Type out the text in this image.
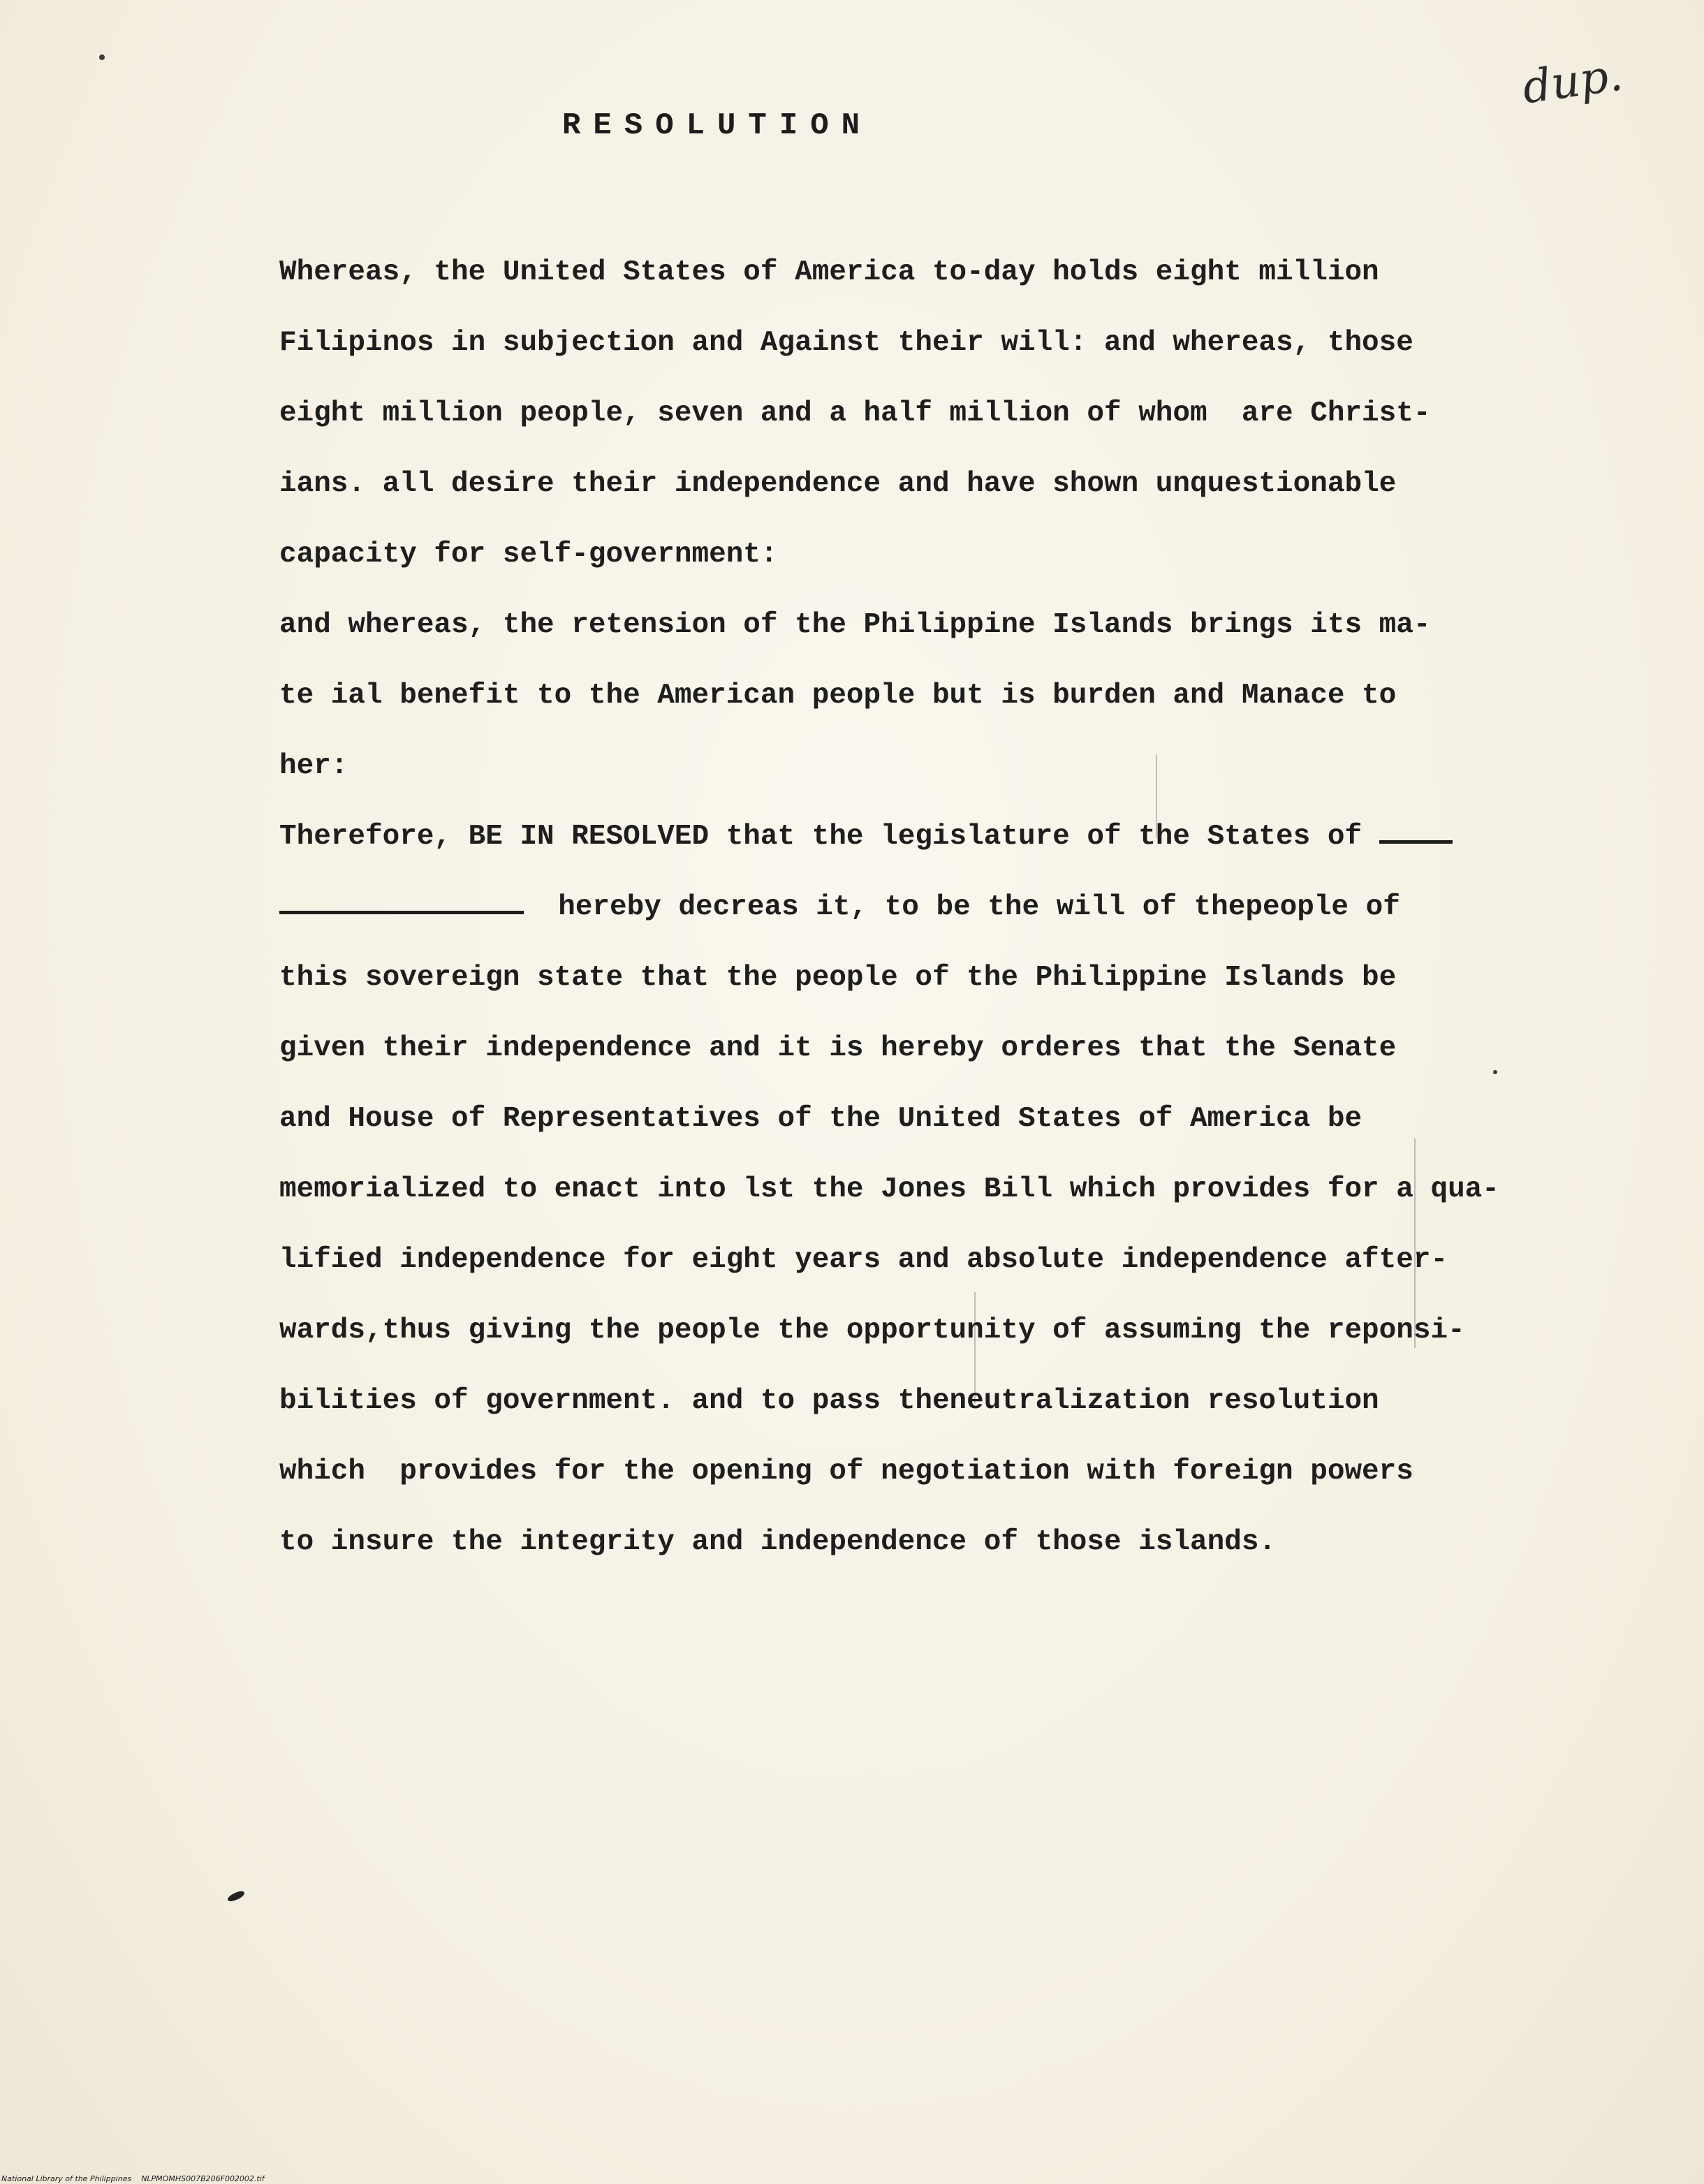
dup.
RESOLUTION
Whereas, the United States of America to-day holds eight million
Filipinos in subjection and Against their will: and whereas, those
eight million people, seven and a half million of whom  are Christ-
ians. all desire their independence and have shown unquestionable
capacity for self-government:
and whereas, the retension of the Philippine Islands brings its ma-
te ial benefit to the American people but is burden and Manace to
her:
Therefore, BE IN RESOLVED that the legislature of the States of
hereby decreas it, to be the will of thepeople of
this sovereign state that the people of the Philippine Islands be
given their independence and it is hereby orderes that the Senate
and House of Representatives of the United States of America be
memorialized to enact into lst the Jones Bill which provides for a qua-
lified independence for eight years and absolute independence after-
wards,thus giving the people the opportunity of assuming the reponsi-
bilities of government. and to pass theneutralization resolution
which  provides for the opening of negotiation with foreign powers
to insure the integrity and independence of those islands.
National Library of the Philippines    NLPMOMHS007B206F002002.tif
